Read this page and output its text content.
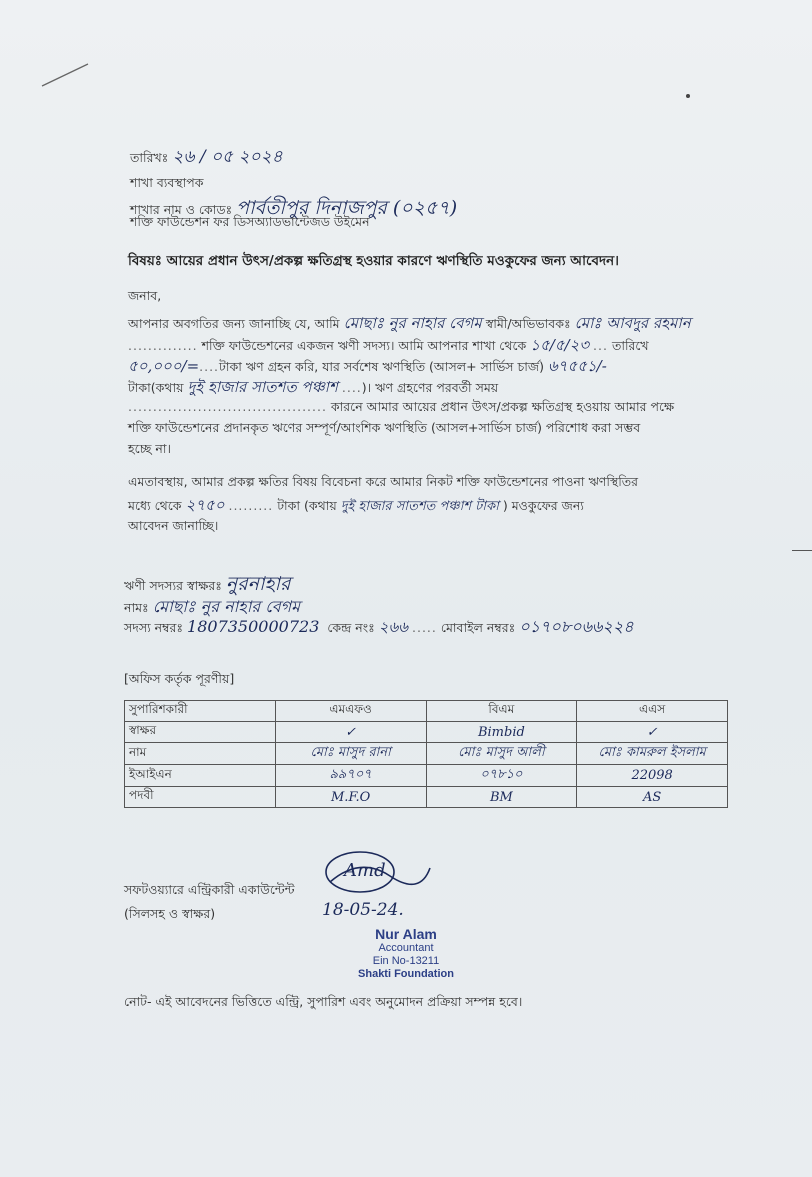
তারিখঃ ২৬ / ০৫ ২০২৪
শাখা ব্যবস্থাপক
শাখার নাম ও কোডঃ পার্বতীপুর দিনাজপুর (০২৫৭)
শক্তি ফাউন্ডেশন ফর ডিসঅ্যাডভান্টেজড উইমেন
বিষয়ঃ আয়ের প্রধান উৎস/প্রকল্প ক্ষতিগ্রস্থ হওয়ার কারণে ঋণস্থিতি মওকুফের জন্য আবেদন।
জনাব,
আপনার অবগতির জন্য জানাচ্ছি যে, আমি মোছাঃ নুর নাহার বেগম স্বামী/অভিভাবকঃ মোঃ আবদুর রহমান
.............. শক্তি ফাউন্ডেশনের একজন ঋণী সদস্য। আমি আপনার শাখা থেকে ১৫/৫/২৩ ... তারিখে
৫০,০০০/=....টাকা ঋণ গ্রহন করি, যার সর্বশেষ ঋণস্থিতি (আসল+ সার্ভিস চার্জ) ৬৭৫৫১/-
টাকা(কথায় দুই হাজার সাতশত পঞ্চাশ ....)। ঋণ গ্রহণের পরবর্তী সময়
........................................ কারনে আমার আয়ের প্রধান উৎস/প্রকল্প ক্ষতিগ্রস্থ হওয়ায় আমার পক্ষে
শক্তি ফাউন্ডেশনের প্রদানকৃত ঋণের সম্পূর্ণ/আংশিক ঋণস্থিতি (আসল+সার্ভিস চার্জ) পরিশোধ করা সম্ভব
হচ্ছে না।
এমতাবস্থায়, আমার প্রকল্প ক্ষতির বিষয় বিবেচনা করে আমার নিকট শক্তি ফাউন্ডেশনের পাওনা ঋণস্থিতির
মধ্যে থেকে ২৭৫০ ......... টাকা (কথায় দুই হাজার সাতশত পঞ্চাশ টাকা ) মওকুফের জন্য
আবেদন জানাচ্ছি।
ঋণী সদস্যর স্বাক্ষরঃ নুরনাহার
নামঃ মোছাঃ নুর নাহার বেগম
সদস্য নম্বরঃ 1807350000723 কেন্দ্র নংঃ ২৬৬ ..... মোবাইল নম্বরঃ ০১৭০৮০৬৬২২৪
[অফিস কর্তৃক পূরণীয়]
সুপারিশকারী	এমএফও	বিএম	এএস
স্বাক্ষর	✓	Bimbid	✓
নাম	মোঃ মাসুদ রানা	মোঃ মাসুদ আলী	মোঃ কামরুল ইসলাম
ইআইএন	৯৯৭০৭	০৭৮১০	22098
পদবী	M.F.O	BM	AS
সফটওয়্যারে এন্ট্রিকারী একাউন্টেন্ট
(সিলসহ ও স্বাক্ষর)
Amd
18-05-24.
Nur Alam
Accountant
Ein No-13211
Shakti Foundation
নোট- এই আবেদনের ভিত্তিতে এন্ট্রি, সুপারিশ এবং অনুমোদন প্রক্রিয়া সম্পন্ন হবে।
